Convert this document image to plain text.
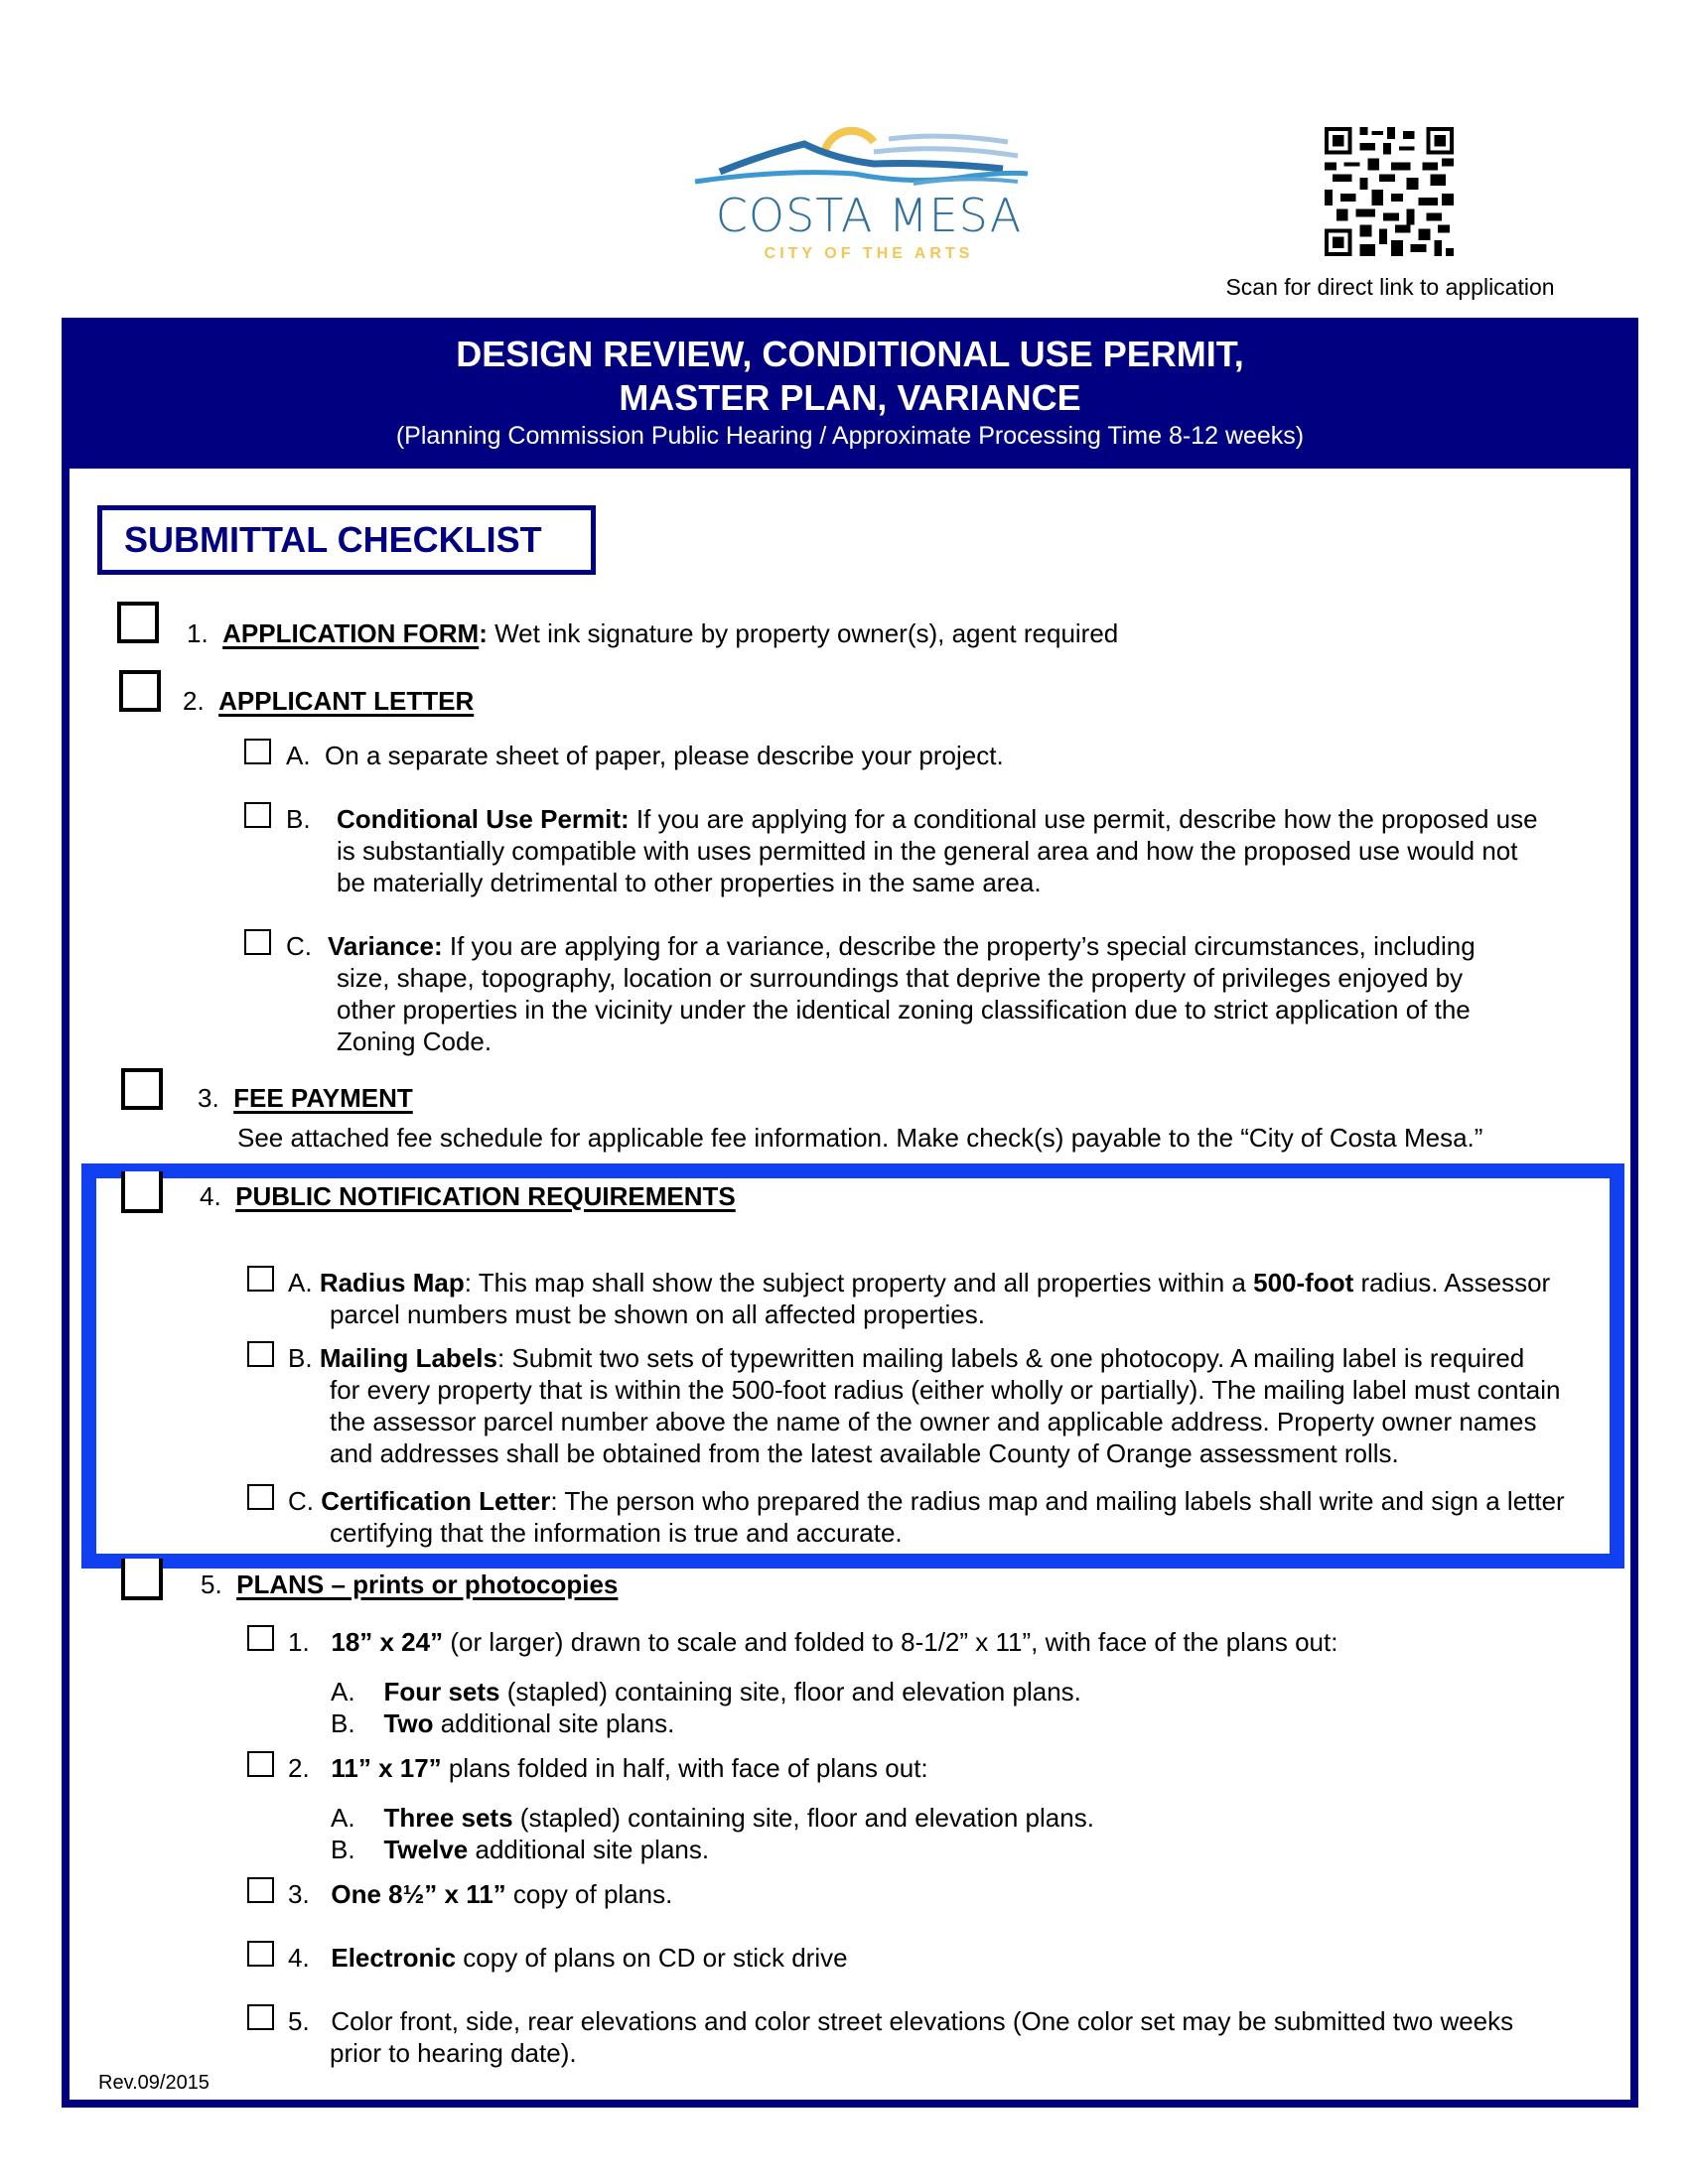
COSTA MESA
CITY OF THE ARTS
Scan for direct link to application
DESIGN REVIEW, CONDITIONAL USE PERMIT,
MASTER PLAN, VARIANCE
(Planning Commission Public Hearing / Approximate Processing Time 8-12 weeks)
SUBMITTAL CHECKLIST
1. APPLICATION FORM: Wet ink signature by property owner(s), agent required
2. APPLICANT LETTER
A. On a separate sheet of paper, please describe your project.
B. Conditional Use Permit: If you are applying for a conditional use permit, describe how the proposed use
is substantially compatible with uses permitted in the general area and how the proposed use would not
be materially detrimental to other properties in the same area.
C. Variance: If you are applying for a variance, describe the property’s special circumstances, including
size, shape, topography, location or surroundings that deprive the property of privileges enjoyed by
other properties in the vicinity under the identical zoning classification due to strict application of the
Zoning Code.
3. FEE PAYMENT
See attached fee schedule for applicable fee information. Make check(s) payable to the “City of Costa Mesa.”
4. PUBLIC NOTIFICATION REQUIREMENTS
A. Radius Map: This map shall show the subject property and all properties within a 500-foot radius. Assessor
parcel numbers must be shown on all affected properties.
B. Mailing Labels: Submit two sets of typewritten mailing labels & one photocopy. A mailing label is required
for every property that is within the 500-foot radius (either wholly or partially). The mailing label must contain
the assessor parcel number above the name of the owner and applicable address. Property owner names
and addresses shall be obtained from the latest available County of Orange assessment rolls.
C. Certification Letter: The person who prepared the radius map and mailing labels shall write and sign a letter
certifying that the information is true and accurate.
5. PLANS – prints or photocopies
1. 18” x 24” (or larger) drawn to scale and folded to 8-1/2” x 11”, with face of the plans out:
A. Four sets (stapled) containing site, floor and elevation plans.
B. Two additional site plans.
2. 11” x 17” plans folded in half, with face of plans out:
A. Three sets (stapled) containing site, floor and elevation plans.
B. Twelve additional site plans.
3. One 8½” x 11” copy of plans.
4. Electronic copy of plans on CD or stick drive
5. Color front, side, rear elevations and color street elevations (One color set may be submitted two weeks
prior to hearing date).
Rev.09/2015
